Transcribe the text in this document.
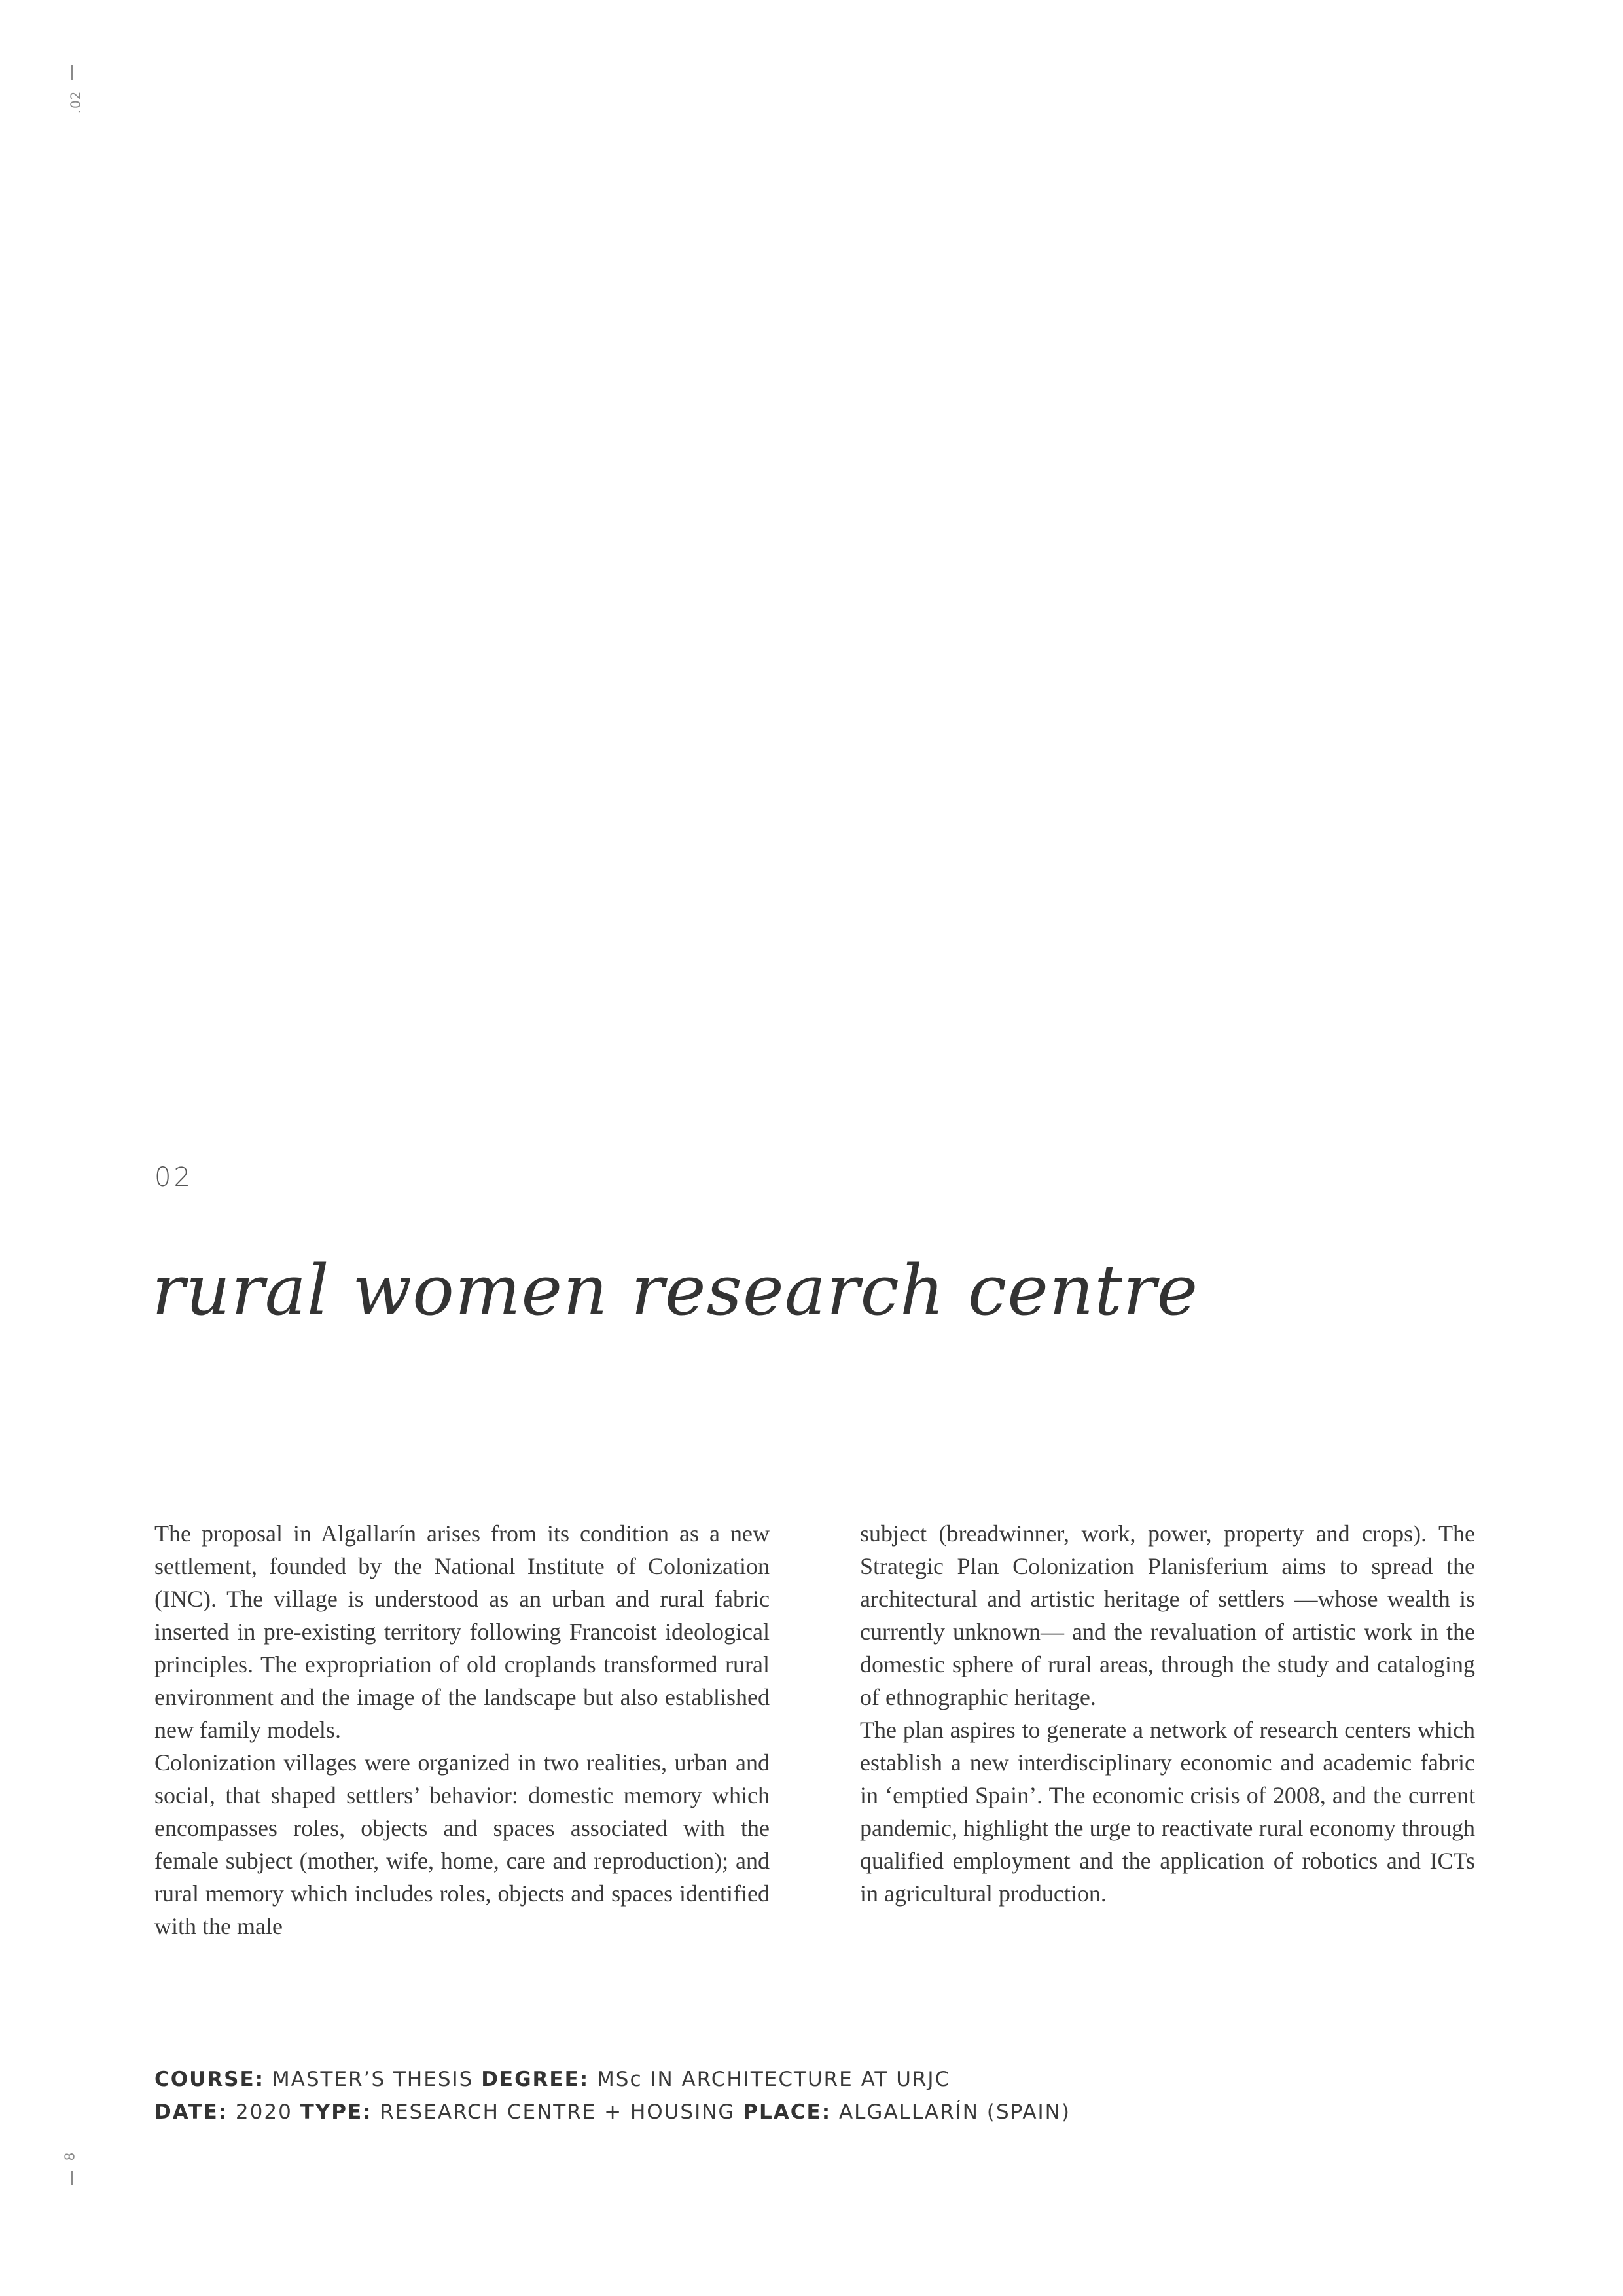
.02
02
rural women research centre

The proposal in Algallarín arises from its condition as a new settlement, founded by the National Institute of Colonization (INC). The village is understood as an urban and rural fabric inserted in pre-existing territory following Francoist ideological principles. The expropriation of old croplands transformed rural environment and the image of the landscape but also established new family models.

Colonization villages were organized in two realities, urban and social, that shaped settlers’ behavior: domestic memory which encompasses roles, objects and spaces associated with the female subject (mother, wife, home, care and reproduction); and rural memory which includes roles, objects and spaces identified with the male

subject (breadwinner, work, power, property and crops). The Strategic Plan Colonization Planisferium aims to spread the architectural and artistic heritage of settlers —whose wealth is currently unknown— and the revaluation of artistic work in the domestic sphere of rural areas, through the study and cataloging of ethnographic heritage.

The plan aspires to generate a network of research centers which establish a new interdisciplinary economic and academic fabric in ‘emptied Spain’. The economic crisis of 2008, and the current pandemic, highlight the urge to reactivate rural economy through qualified employment and the application of robotics and ICTs in agricultural production.

COURSE: MASTER’S THESIS DEGREE: MSc IN ARCHITECTURE AT URJC
DATE: 2020 TYPE: RESEARCH CENTRE + HOUSING PLACE: ALGALLARÍN (SPAIN)
8
